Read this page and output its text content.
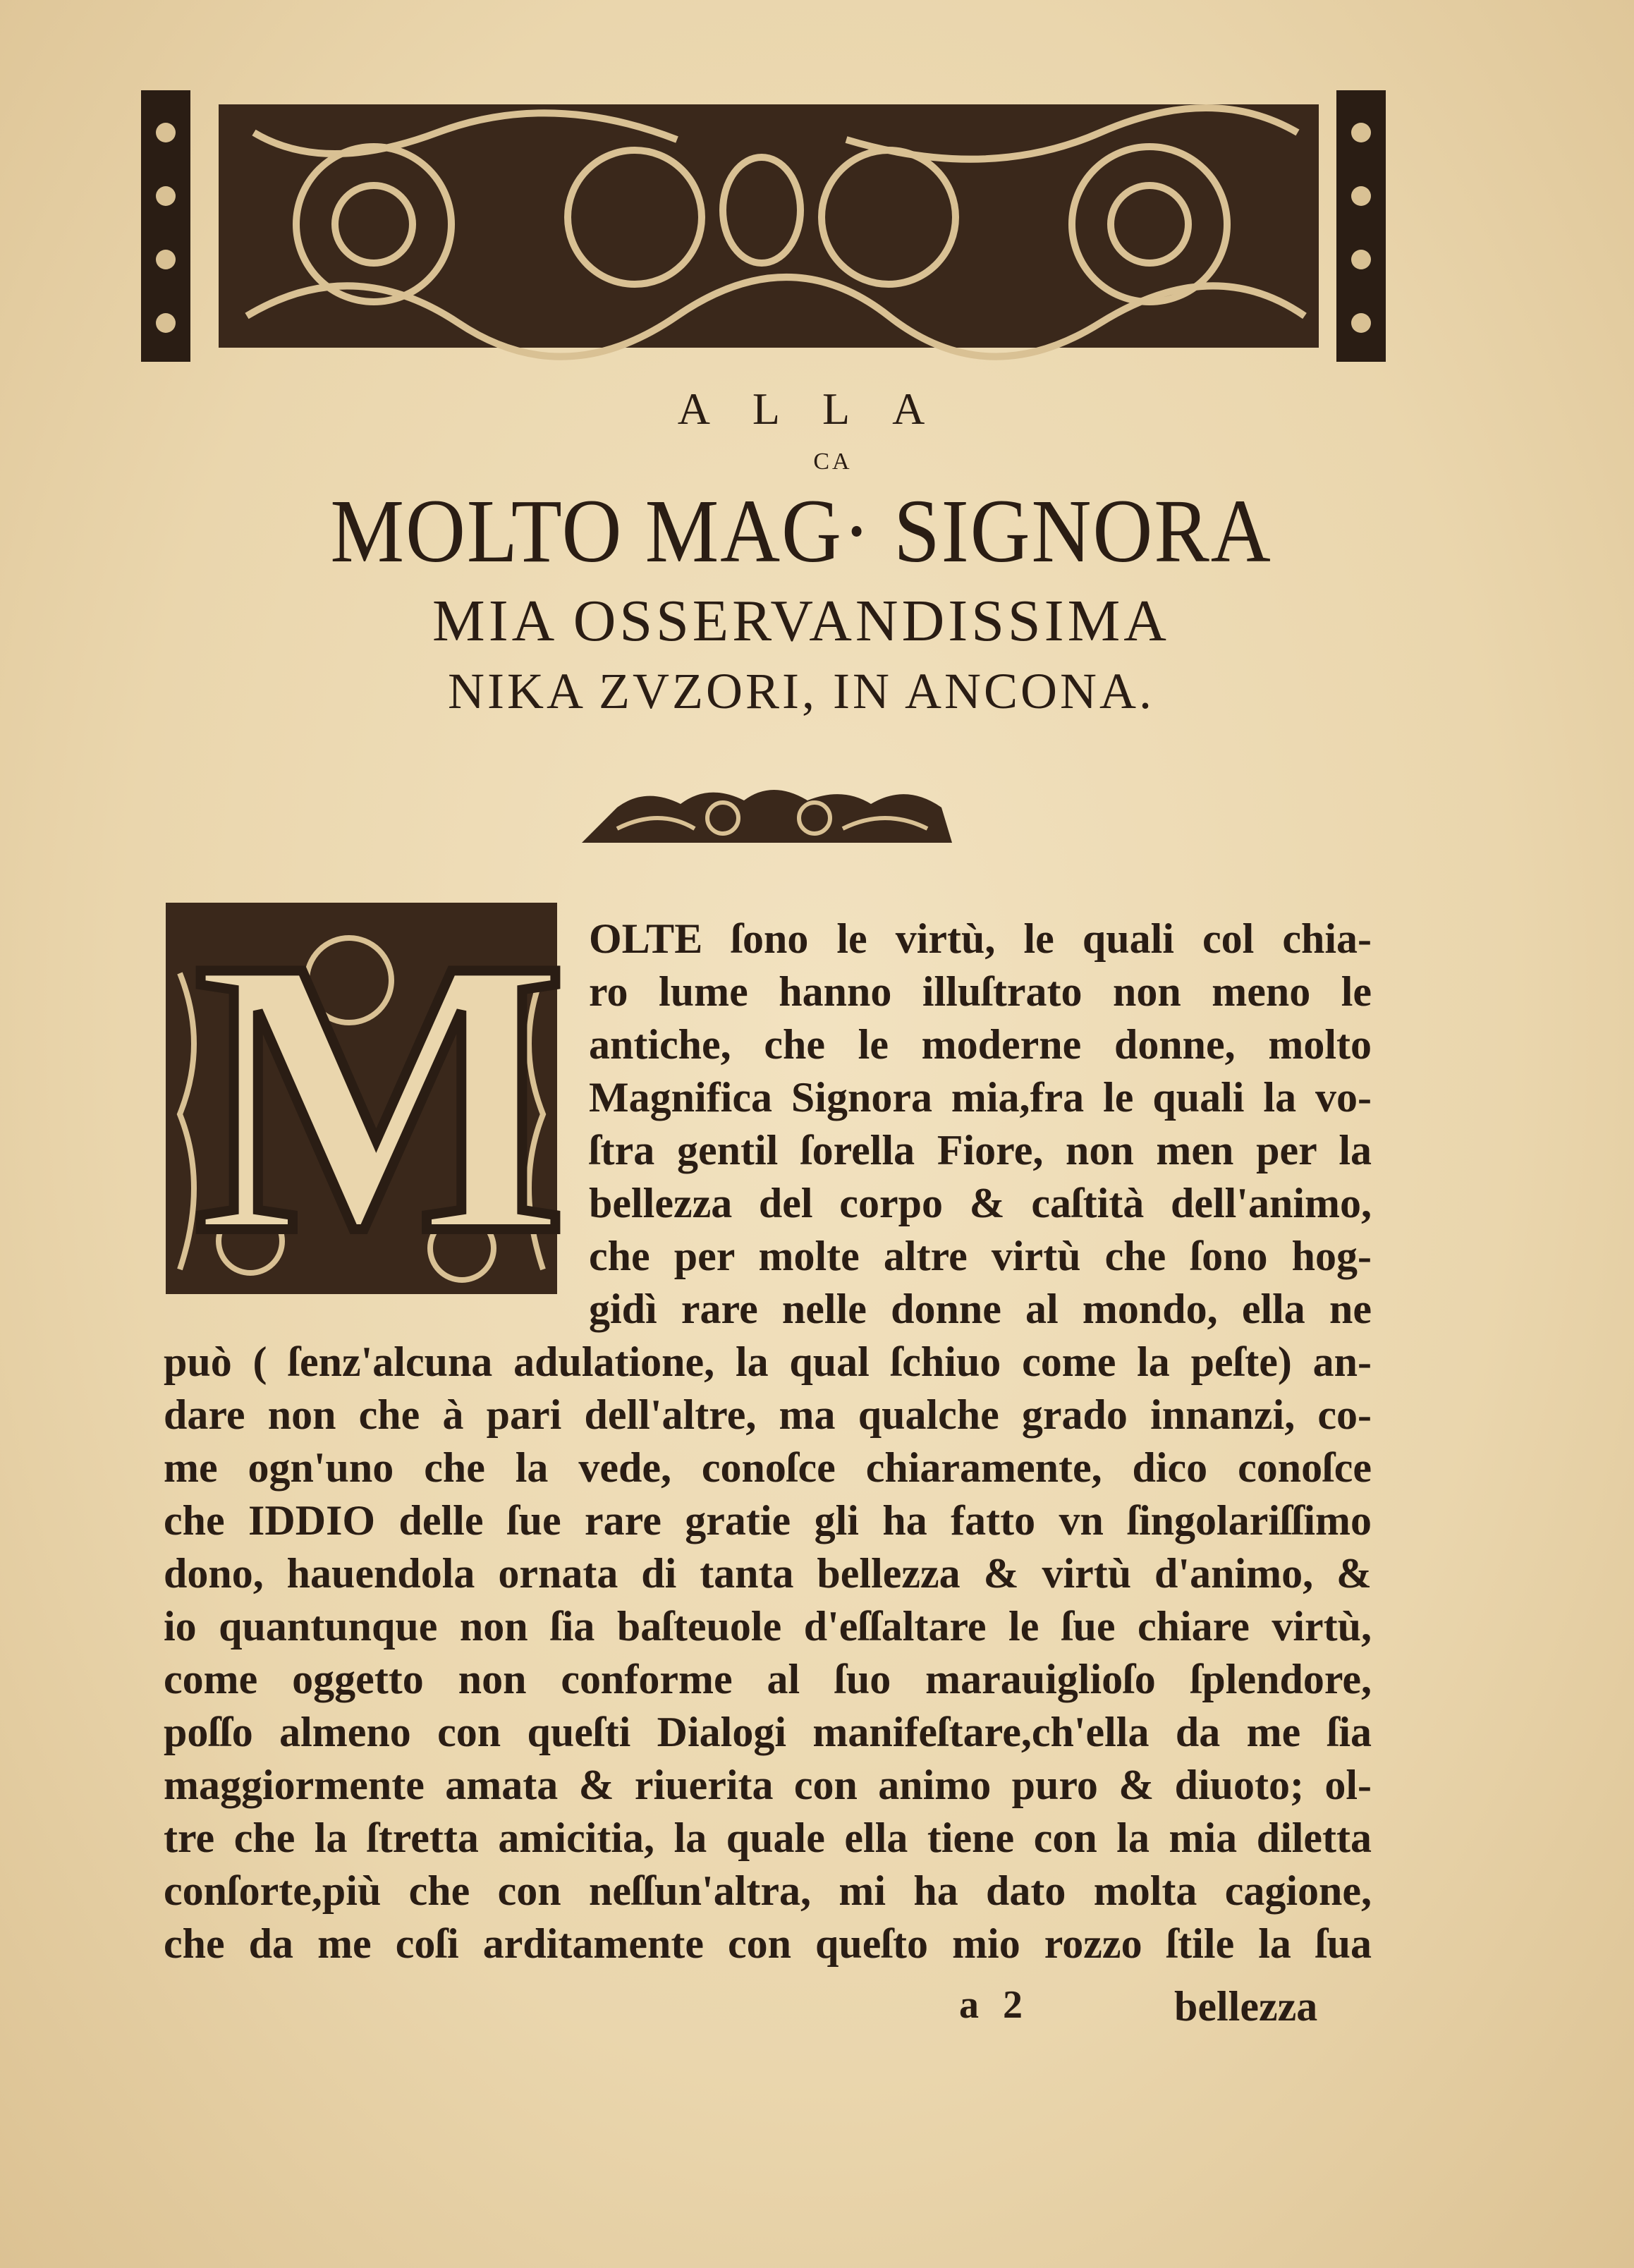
ALLA
CA
MOLTO MAG· SIGNORA
MIA OSSERVANDISSIMA
NIKA ZVZORI, IN ANCONA.
M OLTE ſono le virtù, le quali col chia-
ro lume hanno illuſtrato non meno le
antiche, che le moderne donne, molto
Magnifica Signora mia,fra le quali la vo-
ſtra gentil ſorella Fiore, non men per la
bellezza del corpo & caſtità dell'animo,
che per molte altre virtù che ſono hog-
gidì rare nelle donne al mondo, ella ne
può ( ſenz'alcuna adulatione, la qual ſchiuo come la peſte) an-
dare non che à pari dell'altre, ma qualche grado innanzi, co-
me ogn'uno che la vede, conoſce chiaramente, dico conoſce
che IDDIO delle ſue rare gratie gli ha fatto vn ſingolariſſimo
dono, hauendola ornata di tanta bellezza & virtù d'animo, &
io quantunque non ſia baſteuole d'eſſaltare le ſue chiare virtù,
come oggetto non conforme al ſuo marauiglioſo ſplendore,
poſſo almeno con queſti Dialogi manifeſtare,ch'ella da me ſia
maggiormente amata & riuerita con animo puro & diuoto; ol-
tre che la ſtretta amicitia, la quale ella tiene con la mia diletta
conſorte,più che con neſſun'altra, mi ha dato molta cagione,
che da me coſi arditamente con queſto mio rozzo ſtile la ſua
a 2	bellezza
